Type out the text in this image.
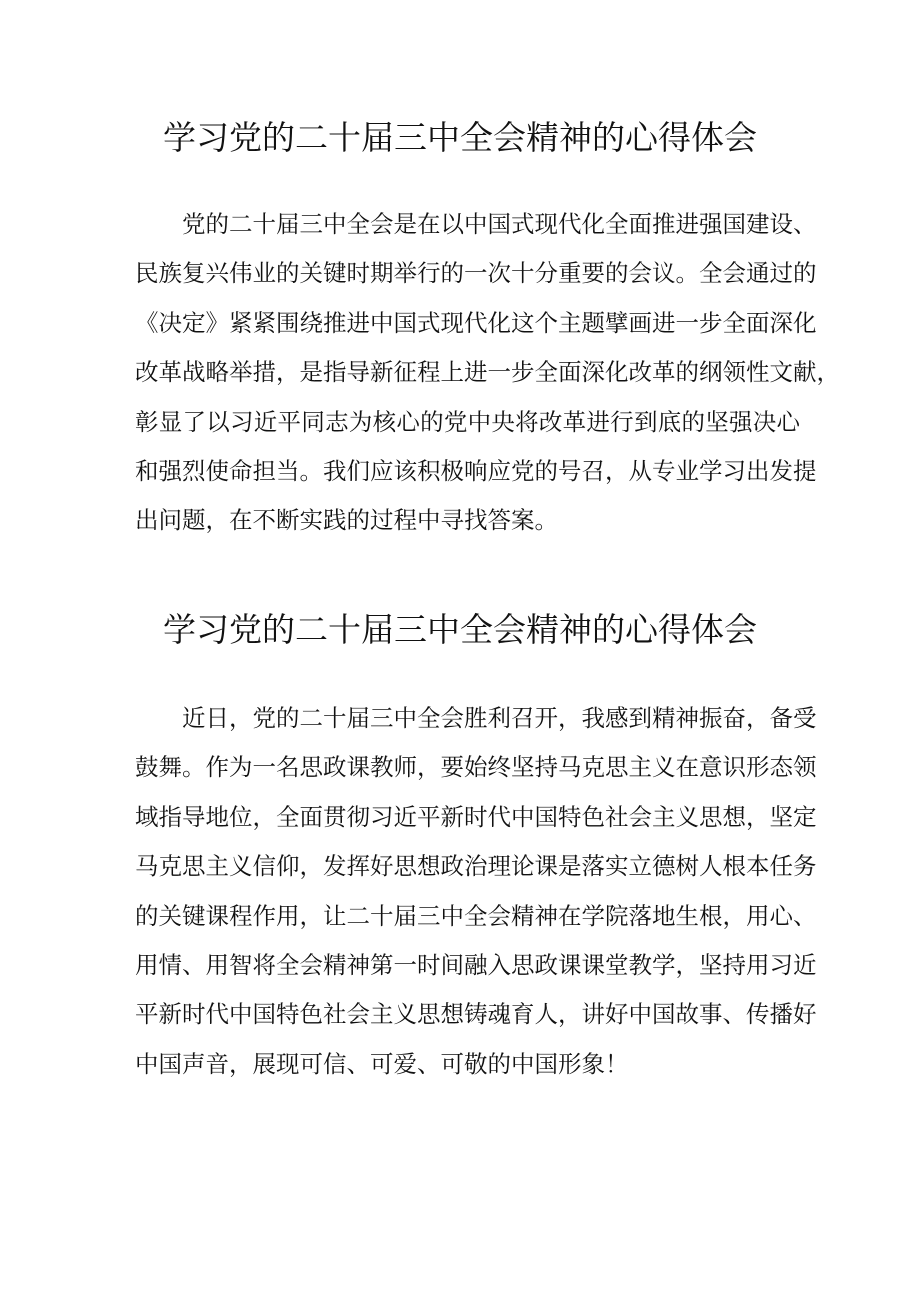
学习党的二十届三中全会精神的心得体会
党的二十届三中全会是在以中国式现代化全面推进强国建设、
民族复兴伟业的关键时期举行的一次十分重要的会议。全会通过的
《决定》紧紧围绕推进中国式现代化这个主题擘画进一步全面深化
改革战略举措，是指导新征程上进一步全面深化改革的纲领性文献，
彰显了以习近平同志为核心的党中央将改革进行到底的坚强决心
和强烈使命担当。我们应该积极响应党的号召，从专业学习出发提
出问题，在不断实践的过程中寻找答案。
学习党的二十届三中全会精神的心得体会
近日，党的二十届三中全会胜利召开，我感到精神振奋，备受
鼓舞。作为一名思政课教师，要始终坚持马克思主义在意识形态领
域指导地位，全面贯彻习近平新时代中国特色社会主义思想，坚定
马克思主义信仰，发挥好思想政治理论课是落实立德树人根本任务
的关键课程作用，让二十届三中全会精神在学院落地生根，用心、
用情、用智将全会精神第一时间融入思政课课堂教学，坚持用习近
平新时代中国特色社会主义思想铸魂育人，讲好中国故事、传播好
中国声音，展现可信、可爱、可敬的中国形象！
